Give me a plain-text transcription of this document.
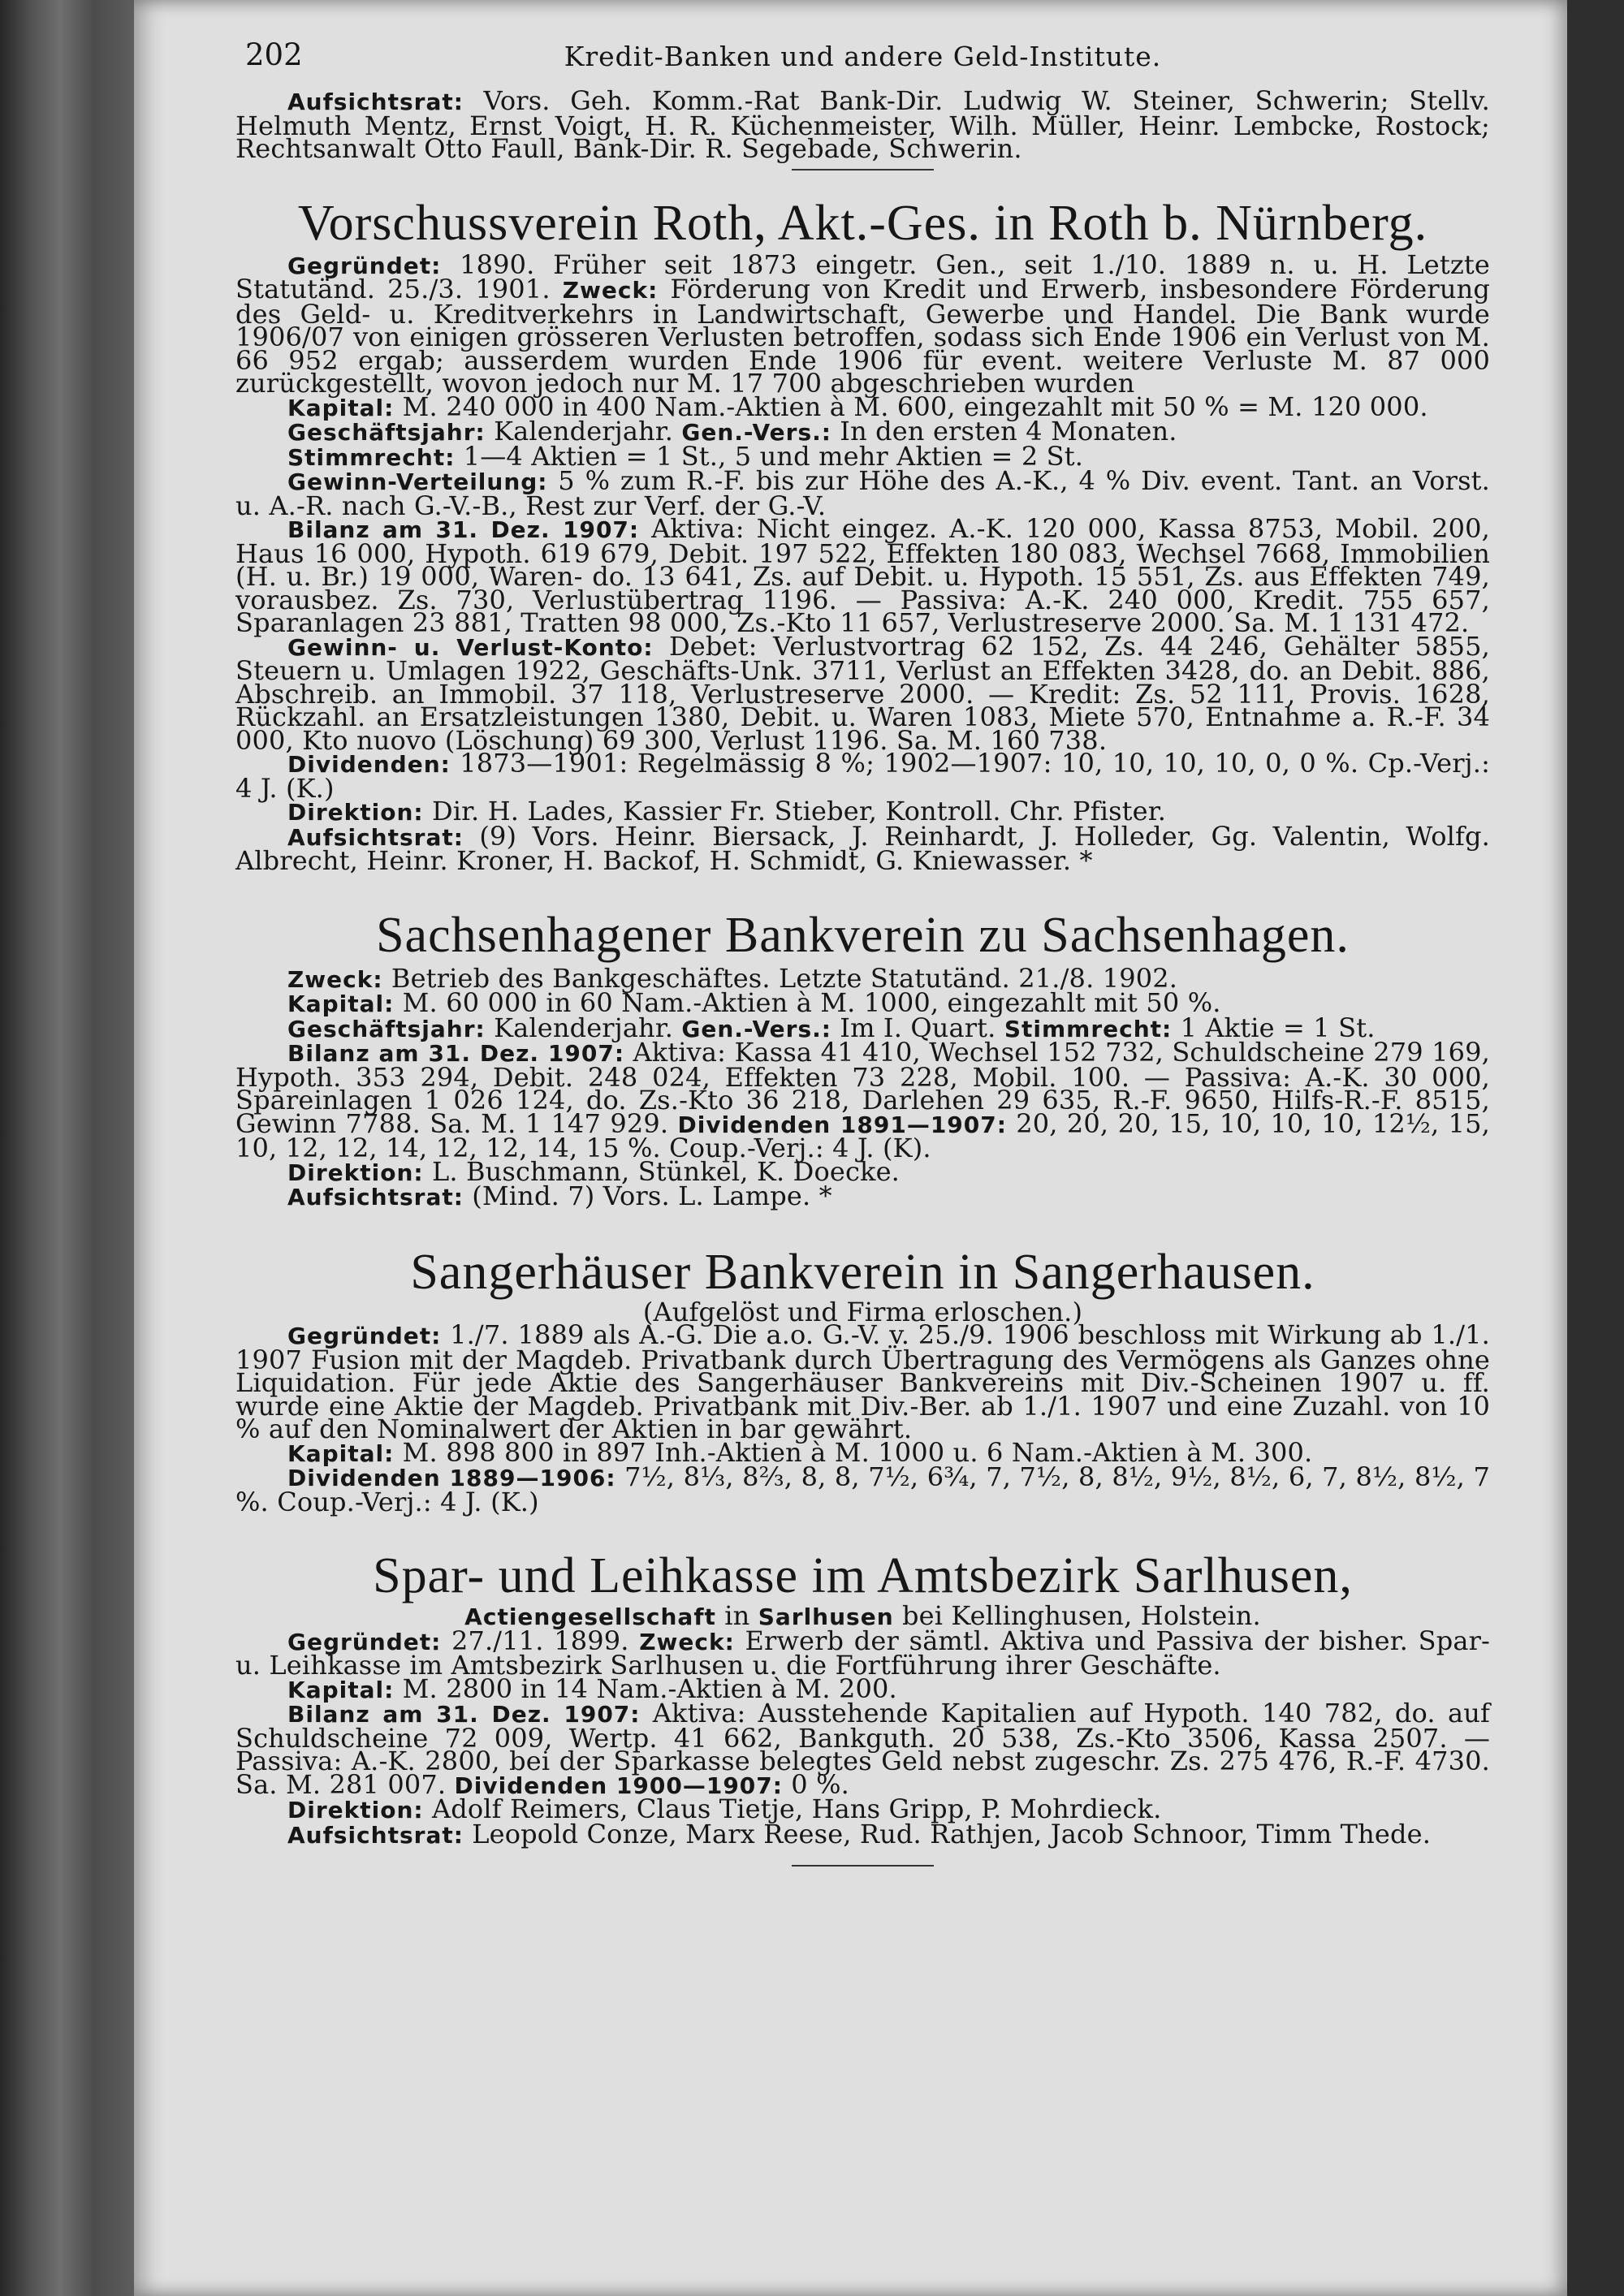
202	Kredit-Banken und andere Geld-Institute.

Aufsichtsrat: Vors. Geh. Komm.-Rat Bank-Dir. Ludwig W. Steiner, Schwerin; Stellv. Helmuth Mentz, Ernst Voigt, H. R. Küchenmeister, Wilh. Müller, Heinr. Lembcke, Rostock; Rechtsanwalt Otto Faull, Bank-Dir. R. Segebade, Schwerin.

Vorschussverein Roth, Akt.-Ges. in Roth b. Nürnberg.

Gegründet: 1890. Früher seit 1873 eingetr. Gen., seit 1./10. 1889 n. u. H. Letzte Statutänd. 25./3. 1901. Zweck: Förderung von Kredit und Erwerb, insbesondere Förderung des Geld- u. Kreditverkehrs in Landwirtschaft, Gewerbe und Handel. Die Bank wurde 1906/07 von einigen grösseren Verlusten betroffen, sodass sich Ende 1906 ein Verlust von M. 66 952 ergab; ausserdem wurden Ende 1906 für event. weitere Verluste M. 87 000 zurückgestellt, wovon jedoch nur M. 17 700 abgeschrieben wurden

Kapital: M. 240 000 in 400 Nam.-Aktien à M. 600, eingezahlt mit 50 % = M. 120 000.

Geschäftsjahr: Kalenderjahr. Gen.-Vers.: In den ersten 4 Monaten.

Stimmrecht: 1—4 Aktien = 1 St., 5 und mehr Aktien = 2 St.

Gewinn-Verteilung: 5 % zum R.-F. bis zur Höhe des A.-K., 4 % Div. event. Tant. an Vorst. u. A.-R. nach G.-V.-B., Rest zur Verf. der G.-V.

Bilanz am 31. Dez. 1907: Aktiva: Nicht eingez. A.-K. 120 000, Kassa 8753, Mobil. 200, Haus 16 000, Hypoth. 619 679, Debit. 197 522, Effekten 180 083, Wechsel 7668, Immobilien (H. u. Br.) 19 000, Waren- do. 13 641, Zs. auf Debit. u. Hypoth. 15 551, Zs. aus Effekten 749, vorausbez. Zs. 730, Verlustübertrag 1196. — Passiva: A.-K. 240 000, Kredit. 755 657, Sparanlagen 23 881, Tratten 98 000, Zs.-Kto 11 657, Verlustreserve 2000. Sa. M. 1 131 472.

Gewinn- u. Verlust-Konto: Debet: Verlustvortrag 62 152, Zs. 44 246, Gehälter 5855, Steuern u. Umlagen 1922, Geschäfts-Unk. 3711, Verlust an Effekten 3428, do. an Debit. 886, Abschreib. an Immobil. 37 118, Verlustreserve 2000. — Kredit: Zs. 52 111, Provis. 1628, Rückzahl. an Ersatzleistungen 1380, Debit. u. Waren 1083, Miete 570, Entnahme a. R.-F. 34 000, Kto nuovo (Löschung) 69 300, Verlust 1196. Sa. M. 160 738.

Dividenden: 1873—1901: Regelmässig 8 %; 1902—1907: 10, 10, 10, 10, 0, 0 %. Cp.-Verj.: 4 J. (K.)

Direktion: Dir. H. Lades, Kassier Fr. Stieber, Kontroll. Chr. Pfister.

Aufsichtsrat: (9) Vors. Heinr. Biersack, J. Reinhardt, J. Holleder, Gg. Valentin, Wolfg. Albrecht, Heinr. Kroner, H. Backof, H. Schmidt, G. Kniewasser. *

Sachsenhagener Bankverein zu Sachsenhagen.

Zweck: Betrieb des Bankgeschäftes. Letzte Statutänd. 21./8. 1902.

Kapital: M. 60 000 in 60 Nam.-Aktien à M. 1000, eingezahlt mit 50 %.

Geschäftsjahr: Kalenderjahr. Gen.-Vers.: Im I. Quart. Stimmrecht: 1 Aktie = 1 St.

Bilanz am 31. Dez. 1907: Aktiva: Kassa 41 410, Wechsel 152 732, Schuldscheine 279 169, Hypoth. 353 294, Debit. 248 024, Effekten 73 228, Mobil. 100. — Passiva: A.-K. 30 000, Spareinlagen 1 026 124, do. Zs.-Kto 36 218, Darlehen 29 635, R.-F. 9650, Hilfs-R.-F. 8515, Gewinn 7788. Sa. M. 1 147 929. Dividenden 1891—1907: 20, 20, 20, 15, 10, 10, 10, 12½, 15, 10, 12, 12, 14, 12, 12, 14, 15 %. Coup.-Verj.: 4 J. (K).

Direktion: L. Buschmann, Stünkel, K. Doecke.

Aufsichtsrat: (Mind. 7) Vors. L. Lampe. *

Sangerhäuser Bankverein in Sangerhausen.

(Aufgelöst und Firma erloschen.)

Gegründet: 1./7. 1889 als A.-G. Die a.o. G.-V. v. 25./9. 1906 beschloss mit Wirkung ab 1./1. 1907 Fusion mit der Magdeb. Privatbank durch Übertragung des Vermögens als Ganzes ohne Liquidation. Für jede Aktie des Sangerhäuser Bankvereins mit Div.-Scheinen 1907 u. ff. wurde eine Aktie der Magdeb. Privatbank mit Div.-Ber. ab 1./1. 1907 und eine Zuzahl. von 10 % auf den Nominalwert der Aktien in bar gewährt.

Kapital: M. 898 800 in 897 Inh.-Aktien à M. 1000 u. 6 Nam.-Aktien à M. 300.

Dividenden 1889—1906: 7½, 8⅓, 8⅔, 8, 8, 7½, 6¾, 7, 7½, 8, 8½, 9½, 8½, 6, 7, 8½, 8½, 7 %. Coup.-Verj.: 4 J. (K.)

Spar- und Leihkasse im Amtsbezirk Sarlhusen,

Actiengesellschaft in Sarlhusen bei Kellinghusen, Holstein.

Gegründet: 27./11. 1899. Zweck: Erwerb der sämtl. Aktiva und Passiva der bisher. Spar- u. Leihkasse im Amtsbezirk Sarlhusen u. die Fortführung ihrer Geschäfte.

Kapital: M. 2800 in 14 Nam.-Aktien à M. 200.

Bilanz am 31. Dez. 1907: Aktiva: Ausstehende Kapitalien auf Hypoth. 140 782, do. auf Schuldscheine 72 009, Wertp. 41 662, Bankguth. 20 538, Zs.-Kto 3506, Kassa 2507. — Passiva: A.-K. 2800, bei der Sparkasse belegtes Geld nebst zugeschr. Zs. 275 476, R.-F. 4730. Sa. M. 281 007. Dividenden 1900—1907: 0 %.

Direktion: Adolf Reimers, Claus Tietje, Hans Gripp, P. Mohrdieck.

Aufsichtsrat: Leopold Conze, Marx Reese, Rud. Rathjen, Jacob Schnoor, Timm Thede.
